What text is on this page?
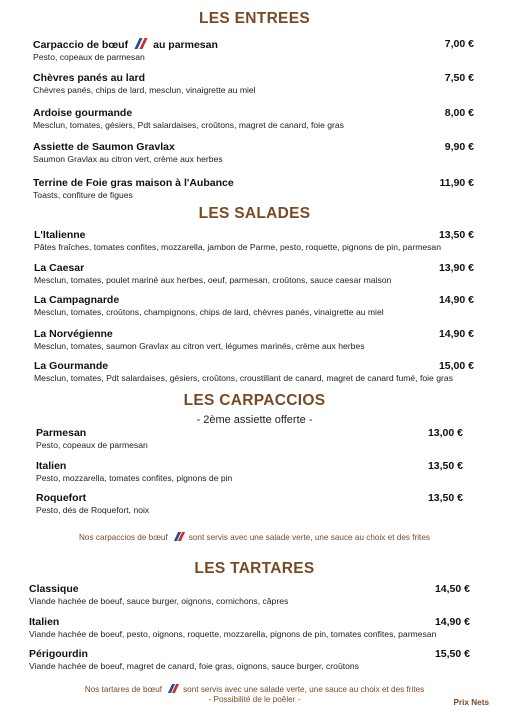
LES ENTREES
Carpaccio de bœuf au parmesan
Pesto, copeaux de parmesan
7,00 €
Chèvres panés au lard
Chèvres panés, chips de lard, mesclun, vinaigrette au miel
7,50 €
Ardoise gourmande
Mesclun, tomates, gésiers, Pdt salardaises, croûtons, magret de canard, foie gras
8,00 €
Assiette de Saumon Gravlax
Saumon Gravlax au citron vert, crème aux herbes
9,90 €
Terrine de Foie gras maison à l'Aubance
Toasts, confiture de figues
11,90 €
LES SALADES
L'Italienne
Pâtes fraîches, tomates confites, mozzarella, jambon de Parme, pesto, roquette, pignons de pin, parmesan
13,50 €
La Caesar
Mesclun, tomates, poulet mariné aux herbes, oeuf, parmesan, croûtons, sauce caesar maison
13,90 €
La Campagnarde
Mesclun, tomates, croûtons, champignons, chips de lard, chèvres panés, vinaigrette au miel
14,90 €
La Norvégienne
Mesclun, tomates, saumon Gravlax au citron vert, légumes marinés, crème aux herbes
14,90 €
La Gourmande
Mesclun, tomates, Pdt salardaises, gésiers, croûtons, croustillant de canard, magret de canard fumé, foie gras
15,00 €
LES CARPACCIOS
- 2ème assiette offerte -
Parmesan
Pesto, copeaux de parmesan
13,00 €
Italien
Pesto, mozzarella, tomates confites, pignons de pin
13,50 €
Roquefort
Pesto, dés de Roquefort, noix
13,50 €
Nos carpaccios de bœuf	sont servis avec une salade verte, une sauce au choix et des frites
LES TARTARES
Classique
Viande hachée de boeuf, sauce burger, oignons, cornichons, câpres
14,50 €
Italien
Viande hachée de boeuf, pesto, oignons, roquette, mozzarella, pignons de pin, tomates confites, parmesan
14,90 €
Périgourdin
Viande hachée de boeuf, magret de canard, foie gras, oignons, sauce burger, croûtons
15,50 €
Nos tartares de bœuf	sont servis avec une salade verte, une sauce au choix et des frites
- Possibilité de le poêler -	Prix Nets
